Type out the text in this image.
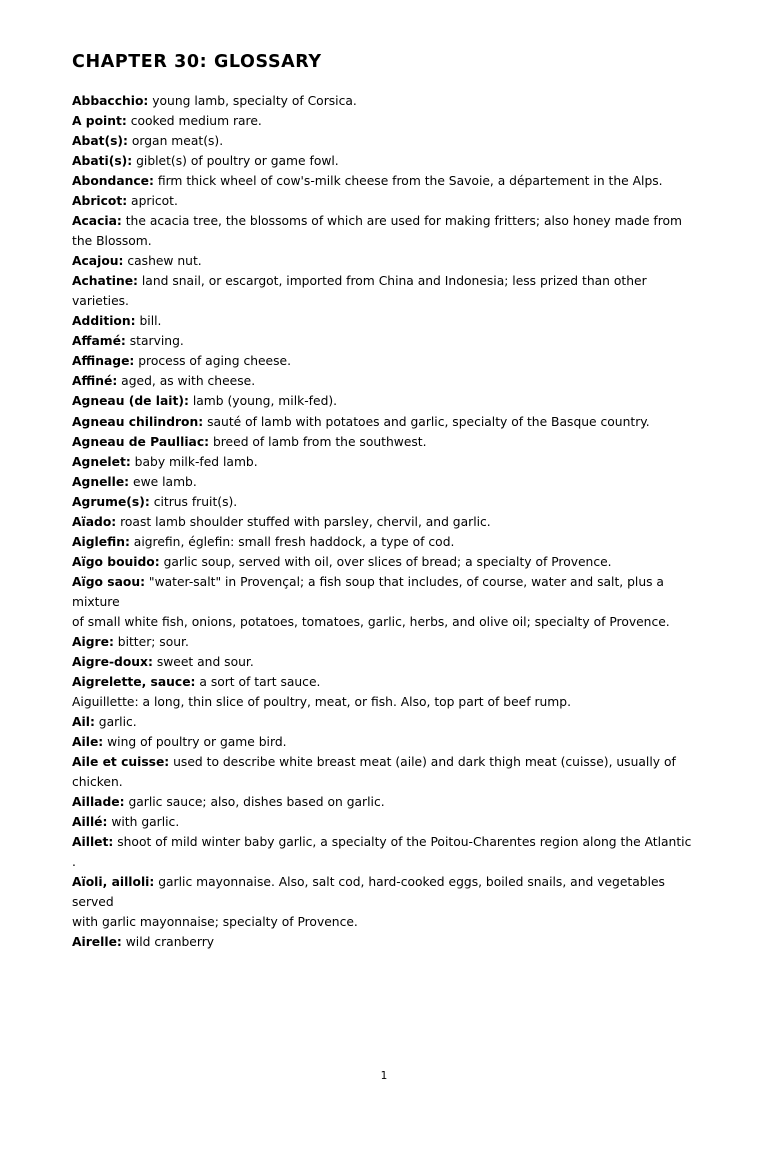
CHAPTER 30: GLOSSARY

Abbacchio: young lamb, specialty of Corsica.

A point: cooked medium rare.

Abat(s): organ meat(s).

Abati(s): giblet(s) of poultry or game fowl.

Abondance: firm thick wheel of cow's-milk cheese from the Savoie, a département in the Alps.

Abricot: apricot.

Acacia: the acacia tree, the blossoms of which are used for making fritters; also honey made from the Blossom.

Acajou: cashew nut.

Achatine: land snail, or escargot, imported from China and Indonesia; less prized than other varieties.

Addition: bill.

Affamé: starving.

Affinage: process of aging cheese.

Affiné: aged, as with cheese.

Agneau (de lait): lamb (young, milk-fed).

Agneau chilindron: sauté of lamb with potatoes and garlic, specialty of the Basque country.

Agneau de Paulliac: breed of lamb from the southwest.

Agnelet: baby milk-fed lamb.

Agnelle: ewe lamb.

Agrume(s): citrus fruit(s).

Aïado: roast lamb shoulder stuffed with parsley, chervil, and garlic.

Aiglefin: aigrefin, églefin: small fresh haddock, a type of cod.

Aïgo bouido: garlic soup, served with oil, over slices of bread; a specialty of Provence.

Aïgo saou: "water-salt" in Provençal; a fish soup that includes, of course, water and salt, plus a mixture

of small white fish, onions, potatoes, tomatoes, garlic, herbs, and olive oil; specialty of Provence.

Aigre: bitter; sour.

Aigre-doux: sweet and sour.

Aigrelette, sauce: a sort of tart sauce.

Aiguillette: a long, thin slice of poultry, meat, or fish. Also, top part of beef rump.

Ail: garlic.

Aile: wing of poultry or game bird.

Aile et cuisse: used to describe white breast meat (aile) and dark thigh meat (cuisse), usually of chicken.

Aillade: garlic sauce; also, dishes based on garlic.

Aillé: with garlic.

Aillet: shoot of mild winter baby garlic, a specialty of the Poitou-Charentes region along the Atlantic

.

Aïoli, ailloli: garlic mayonnaise. Also, salt cod, hard-cooked eggs, boiled snails, and vegetables served

with garlic mayonnaise; specialty of Provence.

Airelle: wild cranberry

1
